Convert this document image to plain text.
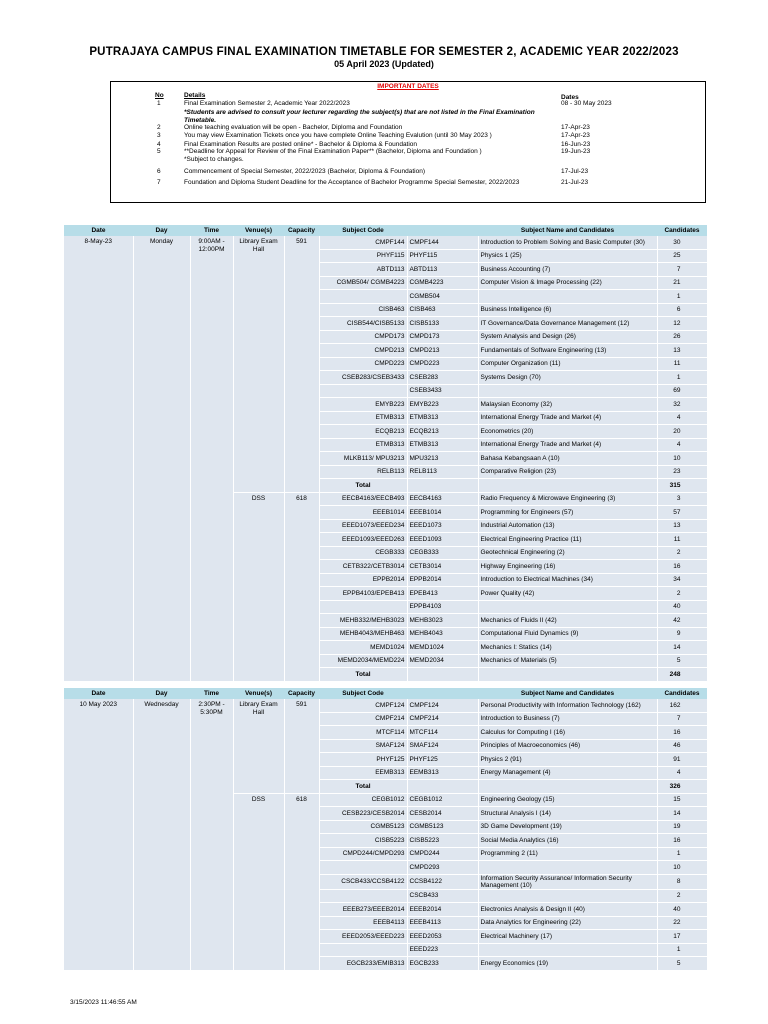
PUTRAJAYA CAMPUS FINAL EXAMINATION TIMETABLE FOR SEMESTER 2, ACADEMIC YEAR 2022/2023
05 April 2023 (Updated)
IMPORTANT DATES
No	Details	Dates
1	Final Examination Semester 2, Academic Year 2022/2023	08 - 30 May 2023
*Students are advised to consult your lecturer regarding the subject(s) that are not listed in the Final Examination Timetable.
2	Online teaching evaluation will be open - Bachelor, Diploma and Foundation	17-Apr-23
3	You may view Examination Tickets once you have complete Online Teaching Evalution (until 30 May 2023 )	17-Apr-23
4	Final Examination Results are posted online* - Bachelor & Diploma & Foundation	16-Jun-23
5	**Deadline for Appeal for Review of the Final Examination Paper** (Bachelor, Diploma and Foundation )	19-Jun-23
*Subject to changes.
6	Commencement of Special Semester, 2022/2023 (Bachelor, Diploma & Foundation)	17-Jul-23
7	Foundation and Diploma Student Deadline for the Acceptance of Bachelor Programme Special Semester, 2022/2023	21-Jul-23
Date	Day	Time	Venue(s)	Capacity	Subject Code		Subject Name and Candidates	Candidates
8-May-23	Monday	9:00AM - 12:00PM	Library Exam Hall	591	CMPF144	CMPF144	Introduction to Problem Solving and Basic Computer (30)	30
					PHYF115	PHYF115	Physics 1 (25)	25
					ABTD113	ABTD113	Business Accounting (7)	7
					CGMB504/ CGMB4223	CGMB4223	Computer Vision & Image Processing (22)	21
						CGMB504		1
					CISB463	CISB463	Business Intelligence (6)	6
					CISB544/CISB5133	CISB5133	IT Governance/Data Governance Management (12)	12
					CMPD173	CMPD173	System Analysis and Design (26)	26
					CMPD213	CMPD213	Fundamentals of Software Engineering (13)	13
					CMPD223	CMPD223	Computer Organization (11)	11
					CSEB283/CSEB3433	CSEB283	Systems Design (70)	1
						CSEB3433		69
					EMYB223	EMYB223	Malaysian Economy (32)	32
					ETMB313	ETMB313	International Energy Trade and Market (4)	4
					ECQB213	ECQB213	Econometrics (20)	20
					ETMB313	ETMB313	International Energy Trade and Market (4)	4
					MLKB113/ MPU3213	MPU3213	Bahasa Kebangsaan A (10)	10
					RELB113	RELB113	Comparative Religion (23)	23
					Total			315
			DSS	618	EECB4163/EECB493	EECB4163	Radio Frequency & Microwave Engineering (3)	3
					EEEB1014	EEEB1014	Programming for Engineers (57)	57
					EEED1073/EEED234	EEED1073	Industrial Automation (13)	13
					EEED1093/EEED263	EEED1093	Electrical Engineering Practice (11)	11
					CEGB333	CEGB333	Geotechnical Engineering (2)	2
					CETB322/CETB3014	CETB3014	Highway Engineering (16)	16
					EPPB2014	EPPB2014	Introduction to Electrical Machines (34)	34
					EPPB4103/EPEB413	EPEB413	Power Quality (42)	2
						EPPB4103		40
					MEHB332/MEHB3023	MEHB3023	Mechanics of Fluids II (42)	42
					MEHB4043/MEHB463	MEHB4043	Computational Fluid Dynamics (9)	9
					MEMD1024	MEMD1024	Mechanics I: Statics (14)	14
					MEMD2034/MEMD224	MEMD2034	Mechanics of Materials (5)	5
					Total			248
Date	Day	Time	Venue(s)	Capacity	Subject Code		Subject Name and Candidates	Candidates
10 May 2023	Wednesday	2:30PM - 5:30PM	Library Exam Hall	591	CMPF124	CMPF124	Personal Productivity with Information Technology (162)	162
					CMPF214	CMPF214	Introduction to Business (7)	7
					MTCF114	MTCF114	Calculus for Computing I (16)	16
					SMAF124	SMAF124	Principles of Macroeconomics (46)	46
					PHYF125	PHYF125	Physics 2 (91)	91
					EEMB313	EEMB313	Energy Management (4)	4
					Total			326
			DSS	618	CEGB1012	CEGB1012	Engineering Geology (15)	15
					CESB223/CESB2014	CESB2014	Structural Analysis I (14)	14
					CGMB5123	CGMB5123	3D Game Development (19)	19
					CISB5223	CISB5223	Social Media Analytics (16)	16
					CMPD244/CMPD293	CMPD244	Programming 2 (11)	1
						CMPD293		10
					CSCB433/CCSB4122	CCSB4122	Information Security Assurance/ Information Security Management (10)	8
						CSCB433		2
					EEEB273/EEEB2014	EEEB2014	Electronics Analysis & Design II (40)	40
					EEEB4113	EEEB4113	Data Analytics for Engineering (22)	22
					EEED2053/EEED223	EEED2053	Electrical Machinery (17)	17
						EEED223		1
					EGCB233/EMIB313	EGCB233	Energy Economics (19)	5
3/15/2023 11:46:55 AM
